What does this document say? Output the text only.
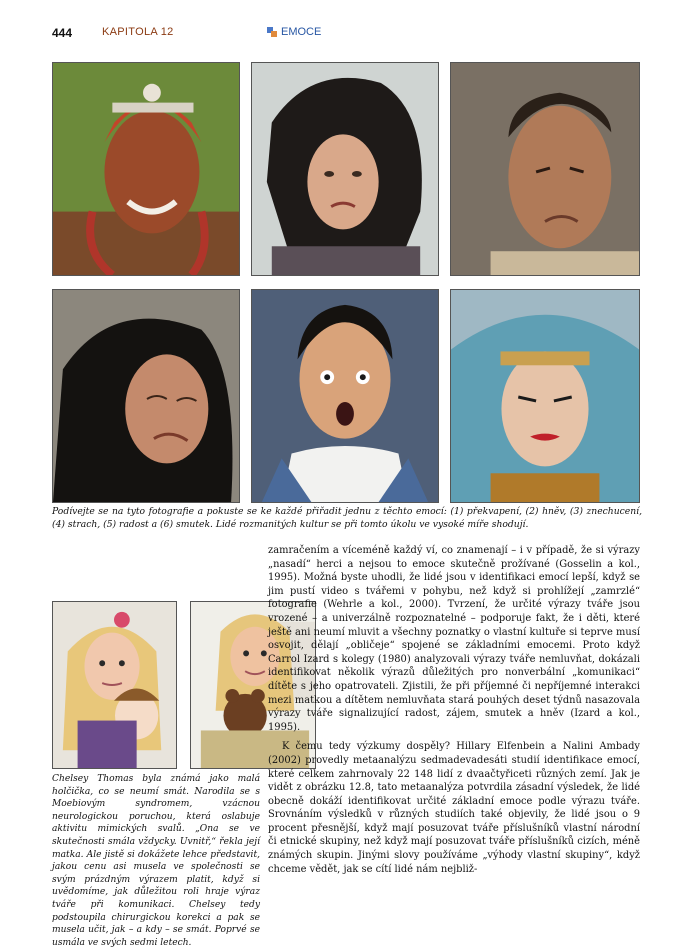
444	KAPITOLA 12	EMOCE
Podívejte se na tyto fotografie a pokuste se ke každé přiřadit jednu z těchto emocí: (1) překvapení, (2) hněv, (3) znechucení, (4) strach, (5) radost a (6) smutek. Lidé rozmanitých kultur se při tomto úkolu ve vysoké míře shodují.
Chelsey Thomas byla známá jako malá holčička, co se neumí smát. Narodila se s Moebiovým syndromem, vzácnou neurologickou poruchou, která oslabuje aktivitu mimických svalů. „Ona se ve skutečnosti smála vždycky. Uvnitř,“ řekla její matka. Ale jistě si dokážete lehce představit, jakou cenu asi musela ve společnosti se svým prázdným výrazem platit, když si uvědomíme, jak důležitou roli hraje výraz tváře při komunikaci. Chelsey tedy podstoupila chirurgickou korekci a pak se musela učit, jak – a kdy – se smát. Poprvé se usmála ve svých sedmi letech.

zamračením a víceméně každý ví, co znamenají – i v případě, že si výrazy „nasadí“ herci a nejsou to emoce skutečně prožívané (Gosselin a kol., 1995). Možná byste uhodli, že lidé jsou v identifikaci emocí lepší, když se jim pustí video s tvářemi v pohybu, než když si prohlížejí „zamrzlé“ fotografie (Wehrle a kol., 2000). Tvrzení, že určité výrazy tváře jsou vrozené – a univerzálně rozpoznatelné – podporuje fakt, že i děti, které ještě ani neumí mluvit a všechny poznatky o vlastní kultuře si teprve musí osvojit, dělají „obličeje“ spojené se základními emocemi. Proto když Carrol Izard s kolegy (1980) analyzovali výrazy tváře nemluvňat, dokázali identifikovat několik výrazů důležitých pro nonverbální „komunikaci“ dítěte s jeho opatrovateli. Zjistili, že při příjemné či nepříjemné interakci mezi matkou a dítětem nemluvňata stará pouhých deset týdnů nasazovala výrazy tváře signalizující radost, zájem, smutek a hněv (Izard a kol., 1995).

K čemu tedy výzkumy dospěly? Hillary Elfenbein a Nalini Ambady (2002) provedly metaanalýzu sedmadevadesáti studií identifikace emocí, které celkem zahrnovaly 22 148 lidí z dvaačtyřiceti různých zemí. Jak je vidět z obrázku 12.8, tato metaanalýza potvrdila zásadní výsledek, že lidé obecně dokáží identifikovat určité základní emoce podle výrazu tváře. Srovnáním výsledků v různých studiích také objevily, že lidé jsou o 9 procent přesnější, když mají posuzovat tváře příslušníků vlastní národní či etnické skupiny, než když mají posuzovat tváře příslušníků cizích, méně známých skupin. Jinými slovy používáme „výhody vlastní skupiny“, když chceme vědět, jak se cítí lidé nám nejbliž-
